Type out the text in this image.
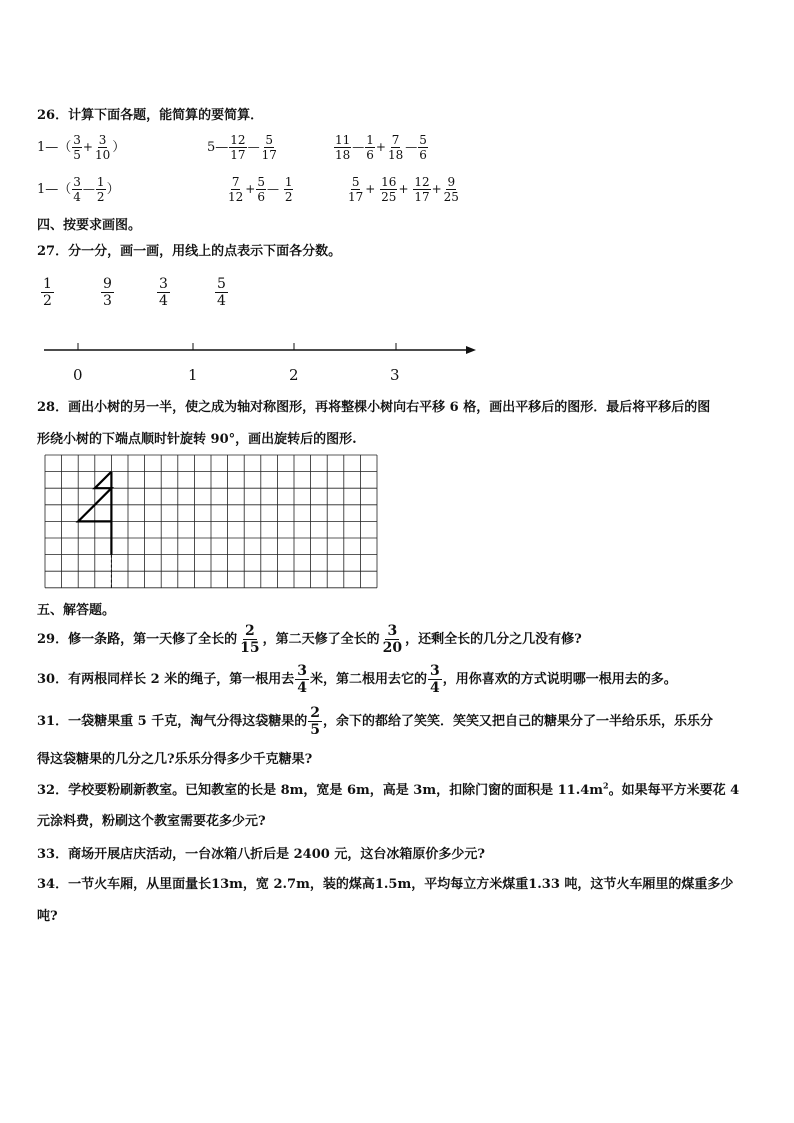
26．计算下面各题，能简算的要简算．
1—（ $\frac{3}{5} + \frac{3}{10}$ ）	5— $\frac{12}{17}$ — $\frac{5}{17}$	$\frac{11}{18}$ — $\frac{1}{6} + \frac{7}{18}$ — $\frac{5}{6}$
1—（ $\frac{3}{4}$ — $\frac{1}{2}$ ）	$\frac{7}{12} + \frac{5}{6}$ — $\frac{1}{2}$	$\frac{5}{17} + \frac{16}{25} + \frac{12}{17} + \frac{9}{25}$
四、按要求画图。
27．分一分，画一画，用线上的点表示下面各分数。
$\frac{1}{2}$	$\frac{9}{3}$	$\frac{3}{4}$	$\frac{5}{4}$
0	1	2	3
28．画出小树的另一半，使之成为轴对称图形，再将整棵小树向右平移 6 格，画出平移后的图形．最后将平移后的图
形绕小树的下端点顺时针旋转 90°，画出旋转后的图形.
五、解答题。
29．修一条路，第一天修了全长的 $\frac{2}{15}$ ，第二天修了全长的 $\frac{3}{20}$ ，还剩全长的几分之几没有修?
30．有两根同样长 2 米的绳子，第一根用去 $\frac{3}{4}$ 米，第二根用去它的 $\frac{3}{4}$ ，用你喜欢的方式说明哪一根用去的多。
31．一袋糖果重 5 千克，淘气分得这袋糖果的 $\frac{2}{5}$ ，余下的都给了笑笑．笑笑又把自己的糖果分了一半给乐乐，乐乐分
得这袋糖果的几分之几?乐乐分得多少千克糖果?
32．学校要粉刷新教室。已知教室的长是 8m，宽是 6m，高是 3m，扣除门窗的面积是 $11.4m^2$。如果每平方米要花 4
元涂料费，粉刷这个教室需要花多少元?
33．商场开展店庆活动，一台冰箱八折后是 2400 元，这台冰箱原价多少元?
34．一节火车厢，从里面量长13m，宽 2.7m，装的煤高1.5m，平均每立方米煤重1.33 吨，这节火车厢里的煤重多少
吨?
